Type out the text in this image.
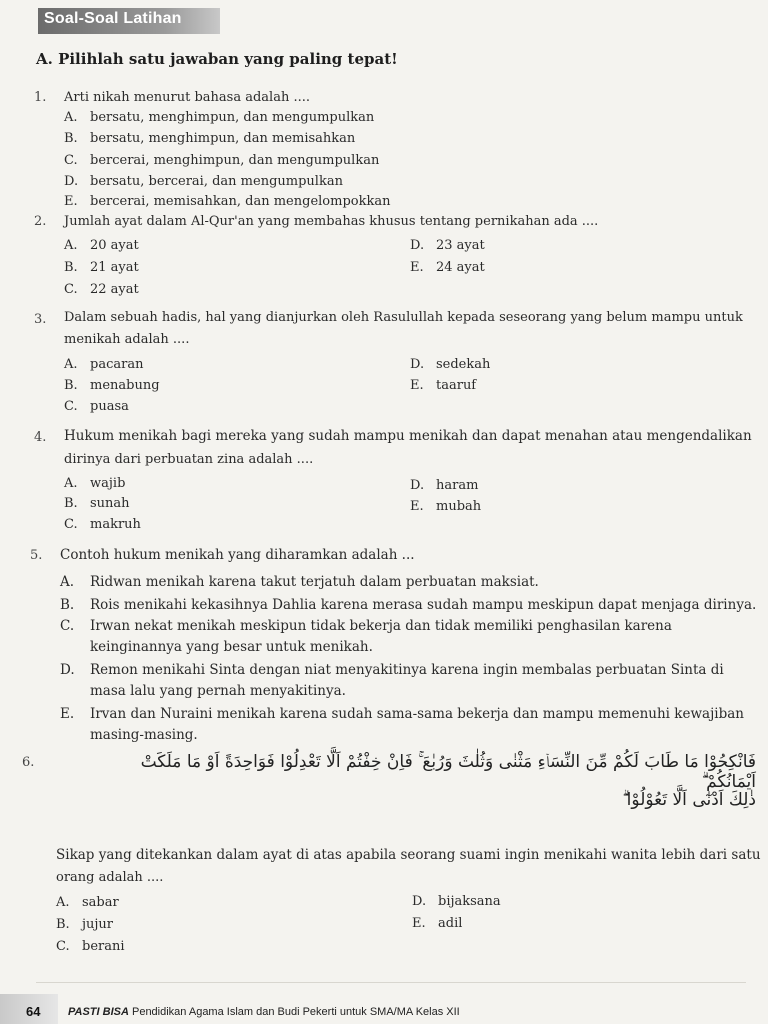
Soal-Soal Latihan
A. Pilihlah satu jawaban yang paling tepat!
1. Arti nikah menurut bahasa adalah ....
A. bersatu, menghimpun, dan mengumpulkan
B. bersatu, menghimpun, dan memisahkan
C. bercerai, menghimpun, dan mengumpulkan
D. bersatu, bercerai, dan mengumpulkan
E. bercerai, memisahkan, dan mengelompokkan
2. Jumlah ayat dalam Al-Qur'an yang membahas khusus tentang pernikahan ada ....
A. 20 ayat
B. 21 ayat
C. 22 ayat
D. 23 ayat
E. 24 ayat
3. Dalam sebuah hadis, hal yang dianjurkan oleh Rasulullah kepada seseorang yang belum mampu untuk
menikah adalah ....
A. pacaran
B. menabung
C. puasa
D. sedekah
E. taaruf
4. Hukum menikah bagi mereka yang sudah mampu menikah dan dapat menahan atau mengendalikan
dirinya dari perbuatan zina adalah ....
A. wajib
B. sunah
C. makruh
D. haram
E. mubah
5. Contoh hukum menikah yang diharamkan adalah ...
A. Ridwan menikah karena takut terjatuh dalam perbuatan maksiat.
B. Rois menikahi kekasihnya Dahlia karena merasa sudah mampu meskipun dapat menjaga dirinya.
C. Irwan nekat menikah meskipun tidak bekerja dan tidak memiliki penghasilan karena keinginannya yang besar untuk menikah.
D. Remon menikahi Sinta dengan niat menyakitinya karena ingin membalas perbuatan Sinta di masa lalu yang pernah menyakitinya.
E. Irvan dan Nuraini menikah karena sudah sama-sama bekerja dan mampu memenuhi kewajiban masing-masing.
6.	فَانْكِحُوْا مَا طَابَ لَكُمْ مِّنَ النِّسَاۤءِ مَثْنٰى وَثُلٰثَ وَرُبٰعَ ۚ فَاِنْ خِفْتُمْ اَلَّا تَعْدِلُوْا فَوَاحِدَةً اَوْ مَا مَلَكَتْ اَيْمَانُكُمْ ۗ
ذٰلِكَ اَدْنٰٓى اَلَّا تَعُوْلُوْا ۗ
Sikap yang ditekankan dalam ayat di atas apabila seorang suami ingin menikahi wanita lebih dari satu
orang adalah ....
A. sabar
B. jujur
C. berani
D. bijaksana
E. adil
64	PASTI BISA Pendidikan Agama Islam dan Budi Pekerti untuk SMA/MA Kelas XII
